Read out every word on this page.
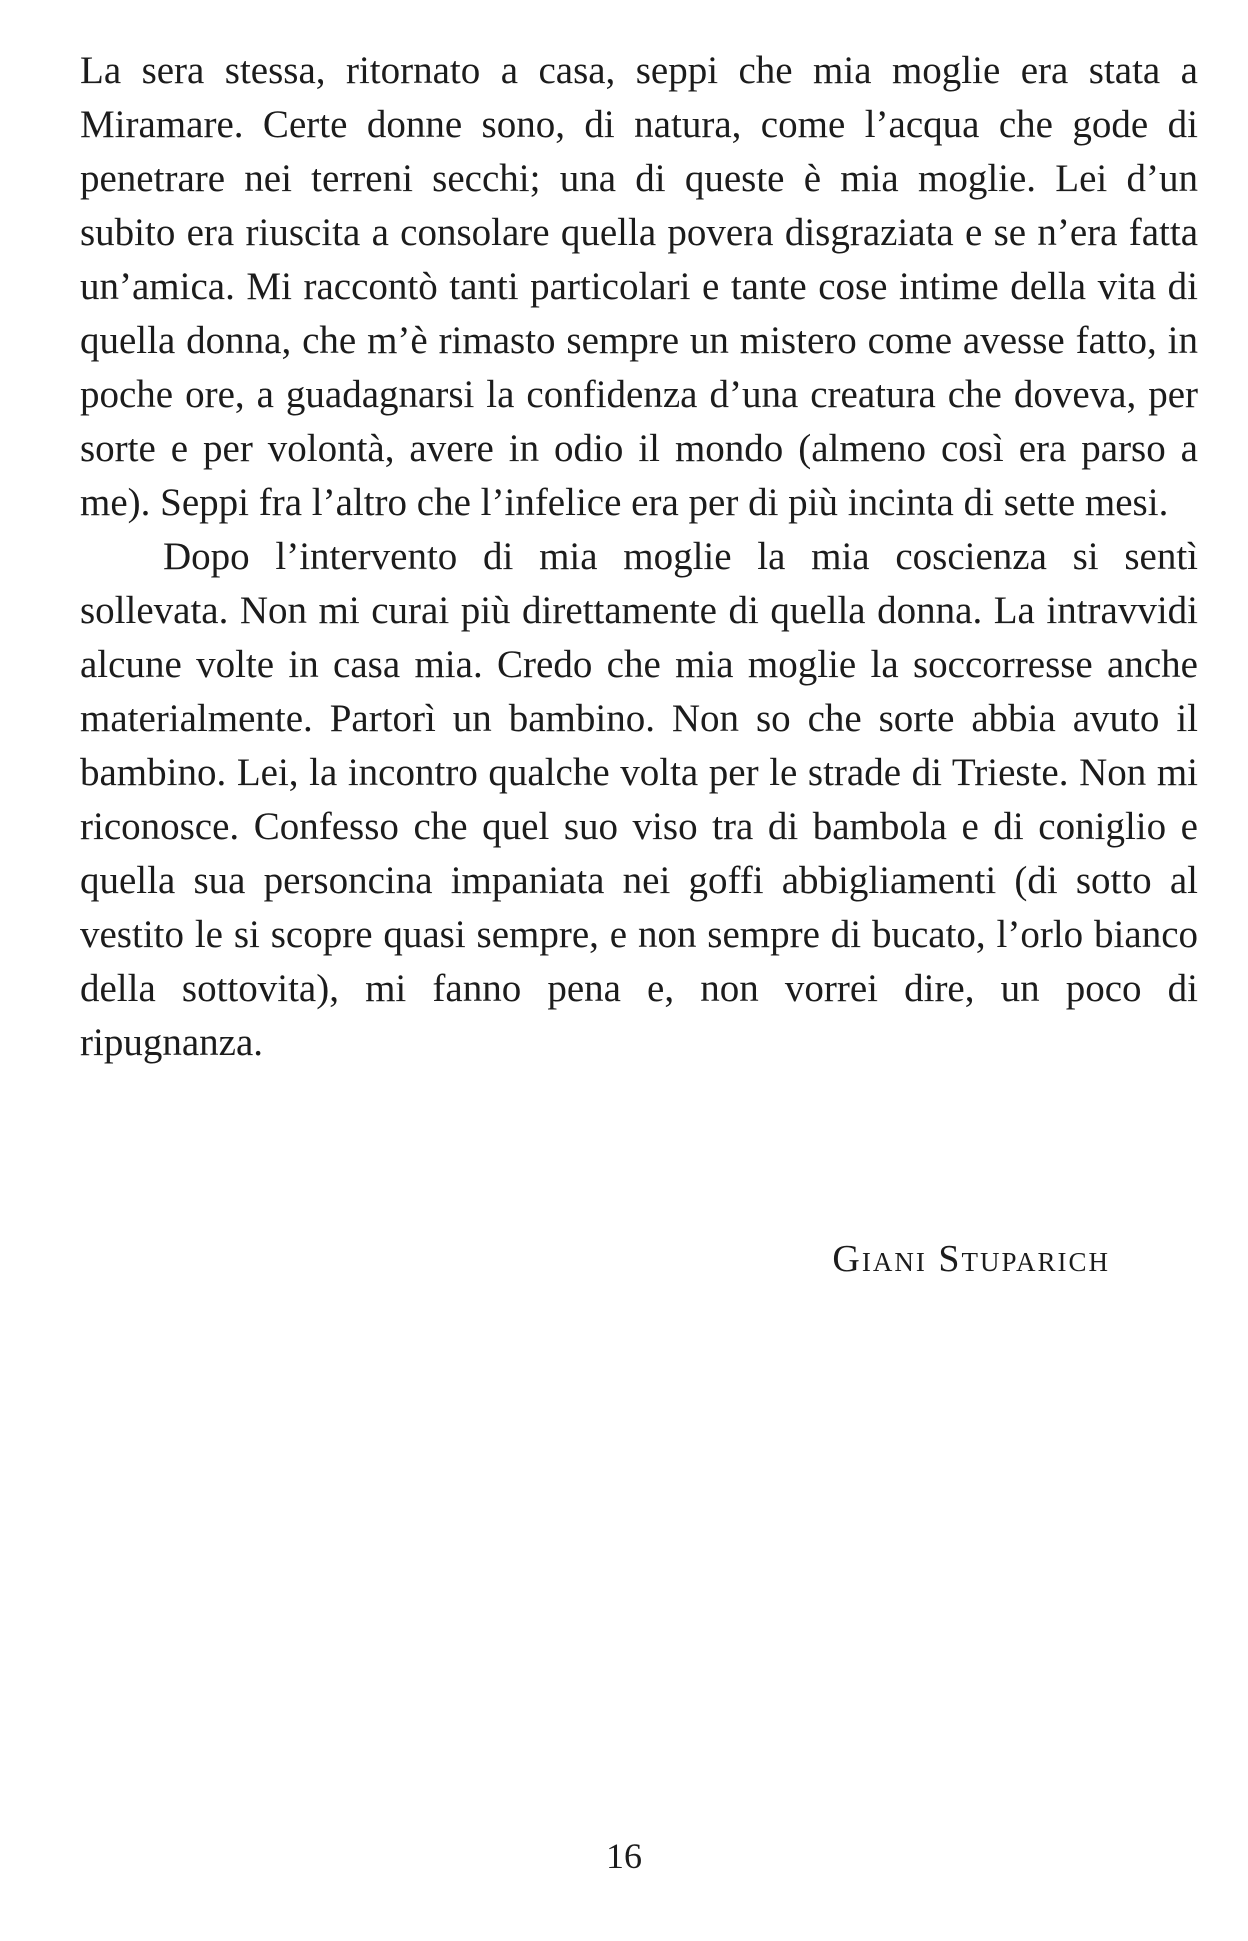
La sera stessa, ritornato a casa, seppi che mia moglie era stata a Miramare. Certe donne sono, di natura, come l’acqua che gode di penetrare nei terreni secchi; una di queste è mia moglie. Lei d’un subito era riuscita a consolare quella povera disgraziata e se n’era fatta un’amica. Mi raccontò tanti particolari e tante cose intime della vita di quella donna, che m’è rimasto sempre un mistero come avesse fatto, in poche ore, a guadagnarsi la confidenza d’una creatura che doveva, per sorte e per volontà, avere in odio il mondo (almeno così era parso a me). Seppi fra l’altro che l’infelice era per di più incinta di sette mesi.

Dopo l’intervento di mia moglie la mia coscienza si sentì sollevata. Non mi curai più direttamente di quella donna. La intravvidi alcune volte in casa mia. Credo che mia moglie la soccorresse anche materialmente. Partorì un bambino. Non so che sorte abbia avuto il bambino. Lei, la incontro qualche volta per le strade di Trieste. Non mi riconosce. Confesso che quel suo viso tra di bambola e di coniglio e quella sua personcina impaniata nei goffi abbigliamenti (di sotto al vestito le si scopre quasi sempre, e non sempre di bucato, l’orlo bianco della sottovita), mi fanno pena e, non vorrei dire, un poco di ripugnanza.

Giani Stuparich
16
